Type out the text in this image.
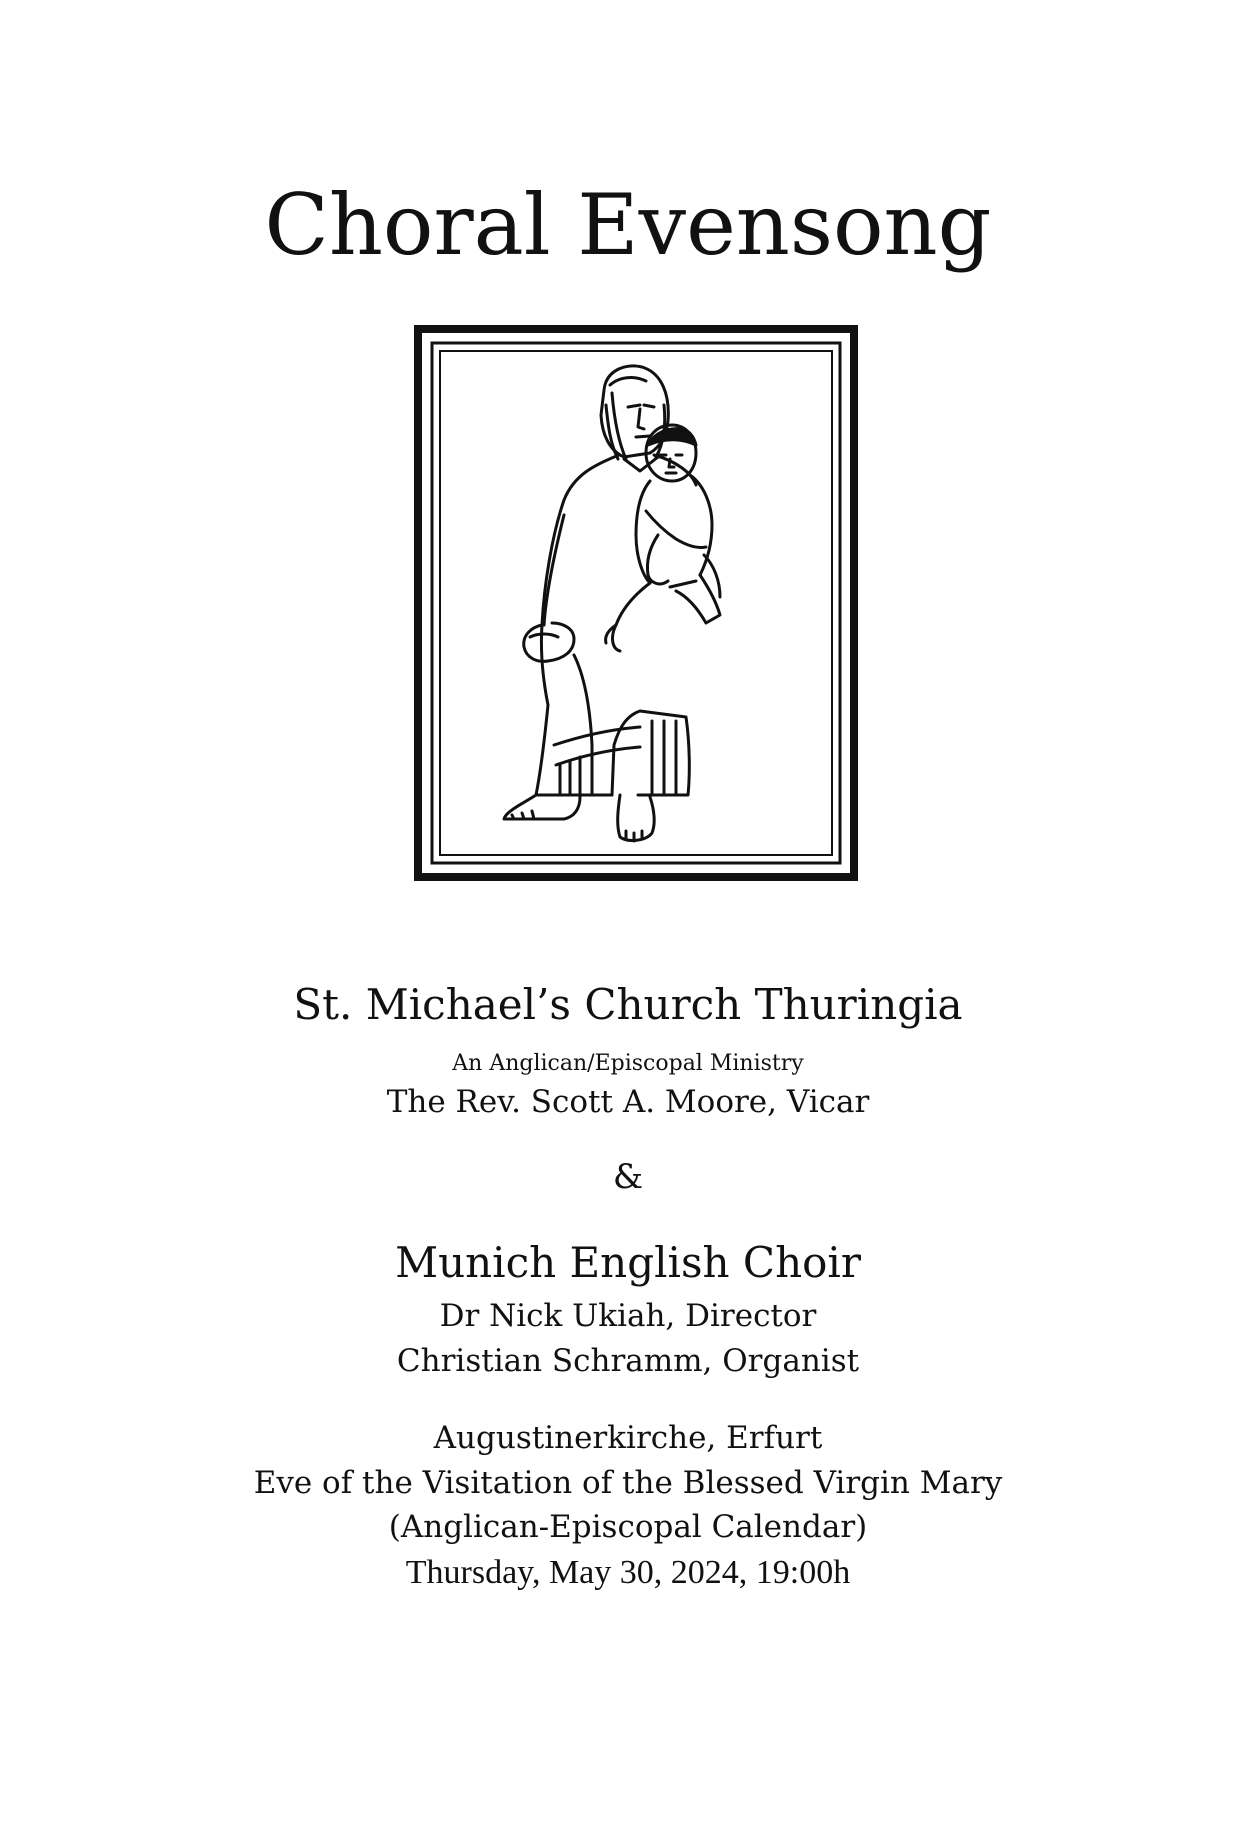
Choral Evensong
St. Michael’s Church Thuringia
An Anglican/Episcopal Ministry
The Rev. Scott A. Moore, Vicar
&
Munich English Choir
Dr Nick Ukiah, Director
Christian Schramm, Organist
Augustinerkirche, Erfurt
Eve of the Visitation of the Blessed Virgin Mary
(Anglican-Episcopal Calendar)
Thursday, May 30, 2024, 19:00h
